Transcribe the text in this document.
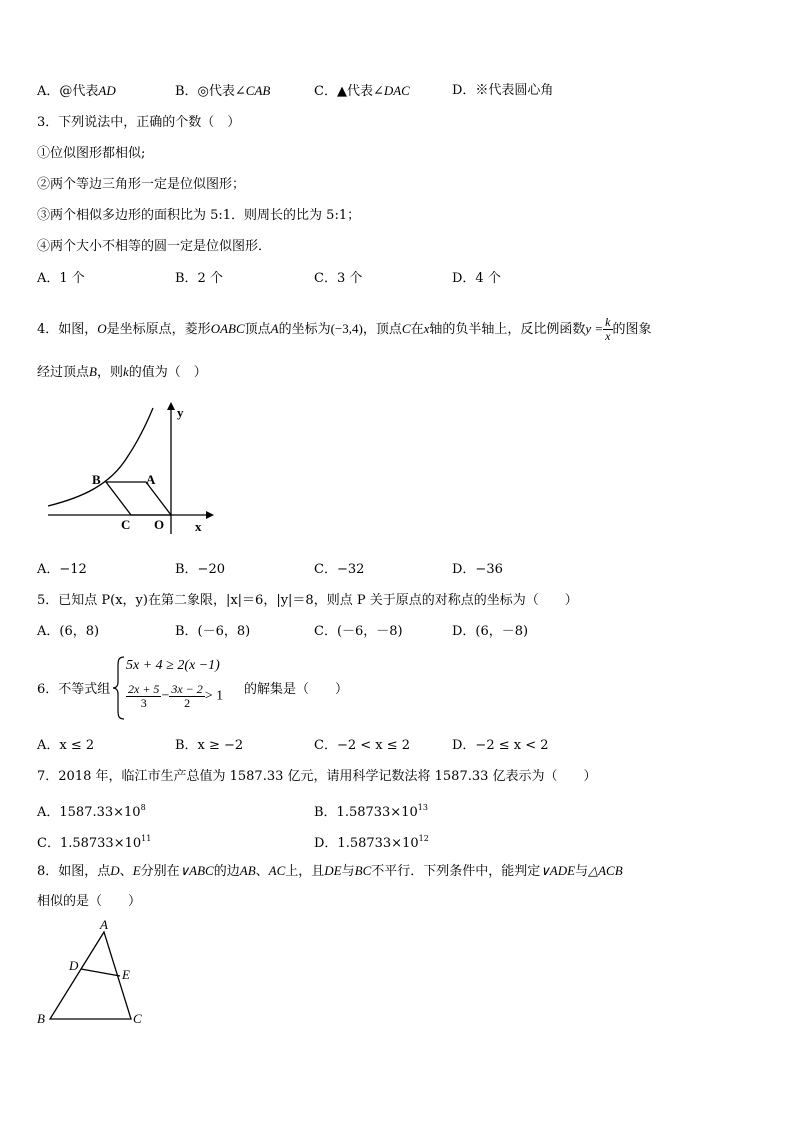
A．@代表AD	B．◎代表∠CAB	C．▲代表∠DAC	D．※代表圆心角
3．下列说法中，正确的个数（　）
①位似图形都相似;
②两个等边三角形一定是位似图形；
③两个相似多边形的面积比为 5:1．则周长的比为 5:1；
④两个大小不相等的圆一定是位似图形．
A．1 个	B．2 个	C．3 个	D．4 个
4．如图，O是坐标原点，菱形OABC顶点A的坐标为(−3,4)，顶点C在x轴的负半轴上，反比例函数$y = \frac{k}{x}$ 的图象
经过顶点B，则k的值为（　）
y
x
B	A
C O
A．−12	B．−20	C．−32	D．−36
5．已知点 P(x，y)在第二象限，|x|＝6，|y|＝8，则点 P 关于原点的对称点的坐标为（　　）
A．(6，8)	B．(－6，8)	C．(－6，－8)	D．(6，－8)
6．不等式组
5x + 4 ≥ 2(x −1)
$\frac{2x + 5}{3} - \frac{3x - 2}{2} > 1$ 的解集是（　　）
A．x ≤ 2	B．x ≥ −2	C．−2 < x ≤ 2	D．−2 ≤ x < 2
7．2018 年，临江市生产总值为 1587.33 亿元，请用科学记数法将 1587.33 亿表示为（　　）
A．$1587.33\times 10^8$	B．$1.58733\times 10^{13}$
C．$1.58733\times 10^{11}$	D．$1.58733\times 10^{12}$
8．如图，点D、E分别在∨ABC的边AB、AC上，且DE与BC不平行．下列条件中，能判定∨ADE与△ACB
相似的是（　　）
A
D
E
B	C
